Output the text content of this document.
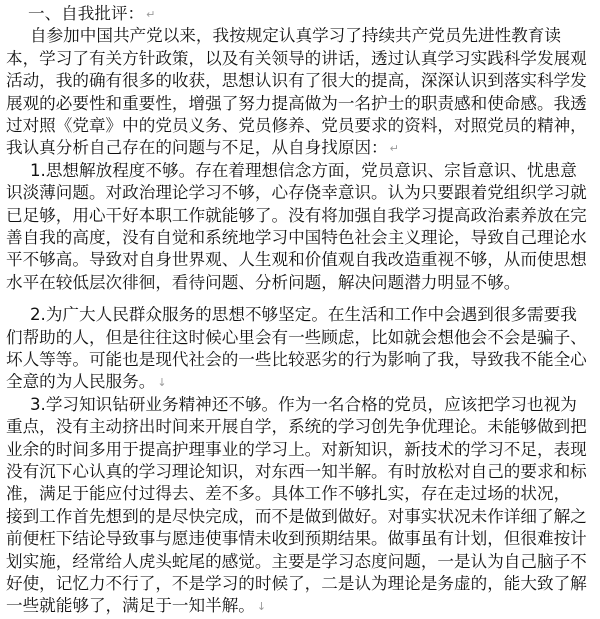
一、自我批评： ↵
自参加中国共产党以来，我按规定认真学习了持续共产党员先进性教育读
本，学习了有关方针政策，以及有关领导的讲话，透过认真学习实践科学发展观
活动，我的确有很多的收获，思想认识有了很大的提高，深深认识到落实科学发
展观的必要性和重要性，增强了努力提高做为一名护士的职责感和使命感。我透
过对照《党章》中的党员义务、党员修养、党员要求的资料，对照党员的精神，
我认真分析自己存在的问题与不足，从自身找原因： ↵
1.思想解放程度不够。存在着理想信念方面，党员意识、宗旨意识、忧患意
识淡薄问题。对政治理论学习不够，心存侥幸意识。认为只要跟着党组织学习就
已足够，用心干好本职工作就能够了。没有将加强自我学习提高政治素养放在完
善自我的高度，没有自觉和系统地学习中国特色社会主义理论，导致自己理论水
平不够高。导致对自身世界观、人生观和价值观自我改造重视不够，从而使思想
水平在较低层次徘徊，看待问题、分析问题，解决问题潜力明显不够。
2.为广大人民群众服务的思想不够坚定。在生活和工作中会遇到很多需要我
们帮助的人，但是往往这时候心里会有一些顾虑，比如就会想他会不会是骗子、
坏人等等。可能也是现代社会的一些比较恶劣的行为影响了我，导致我不能全心
全意的为人民服务。 ↓
3.学习知识钻研业务精神还不够。作为一名合格的党员，应该把学习也视为
重点，没有主动挤出时间来开展自学，系统的学习创先争优理论。未能够做到把
业余的时间多用于提高护理事业的学习上。对新知识，新技术的学习不足，表现
没有沉下心认真的学习理论知识，对东西一知半解。有时放松对自己的要求和标
准，满足于能应付过得去、差不多。具体工作不够扎实，存在走过场的状况，
接到工作首先想到的是尽快完成，而不是做到做好。对事实状况未作详细了解之
前便枉下结论导致事与愿违使事情未收到预期结果。做事虽有计划，但很难按计
划实施，经常给人虎头蛇尾的感觉。主要是学习态度问题，一是认为自己脑子不
好使，记忆力不行了，不是学习的时候了，二是认为理论是务虚的，能大致了解
一些就能够了，满足于一知半解。 ↓
